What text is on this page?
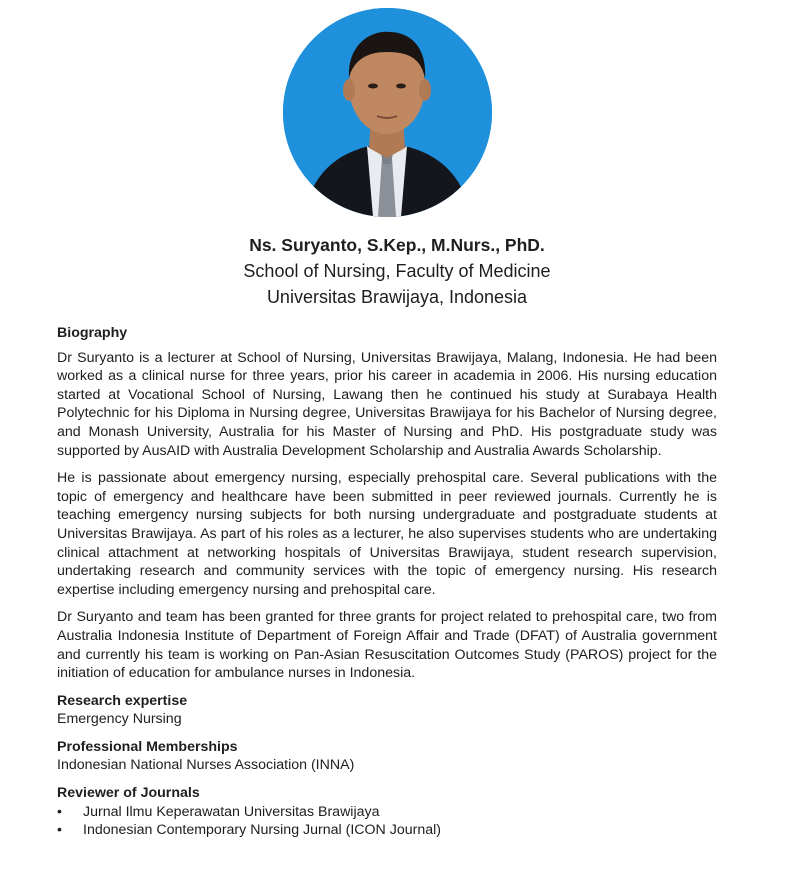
Ns. Suryanto, S.Kep., M.Nurs., PhD.
School of Nursing, Faculty of Medicine
Universitas Brawijaya, Indonesia

Biography

Dr Suryanto is a lecturer at School of Nursing, Universitas Brawijaya, Malang, Indonesia. He had been worked as a clinical nurse for three years, prior his career in academia in 2006. His nursing education started at Vocational School of Nursing, Lawang then he continued his study at Surabaya Health Polytechnic for his Diploma in Nursing degree, Universitas Brawijaya for his Bachelor of Nursing degree, and Monash University, Australia for his Master of Nursing and PhD. His postgraduate study was supported by AusAID with Australia Development Scholarship and Australia Awards Scholarship.

He is passionate about emergency nursing, especially prehospital care. Several publications with the topic of emergency and healthcare have been submitted in peer reviewed journals. Currently he is teaching emergency nursing subjects for both nursing undergraduate and postgraduate students at Universitas Brawijaya. As part of his roles as a lecturer, he also supervises students who are undertaking clinical attachment at networking hospitals of Universitas Brawijaya, student research supervision, undertaking research and community services with the topic of emergency nursing. His research expertise including emergency nursing and prehospital care.

Dr Suryanto and team has been granted for three grants for project related to prehospital care, two from Australia Indonesia Institute of Department of Foreign Affair and Trade (DFAT) of Australia government and currently his team is working on Pan-Asian Resuscitation Outcomes Study (PAROS) project for the initiation of education for ambulance nurses in Indonesia.

Research expertise

Emergency Nursing

Professional Memberships

Indonesian National Nurses Association (INNA)

Reviewer of Journals

• Jurnal Ilmu Keperawatan Universitas Brawijaya
• Indonesian Contemporary Nursing Jurnal (ICON Journal)
